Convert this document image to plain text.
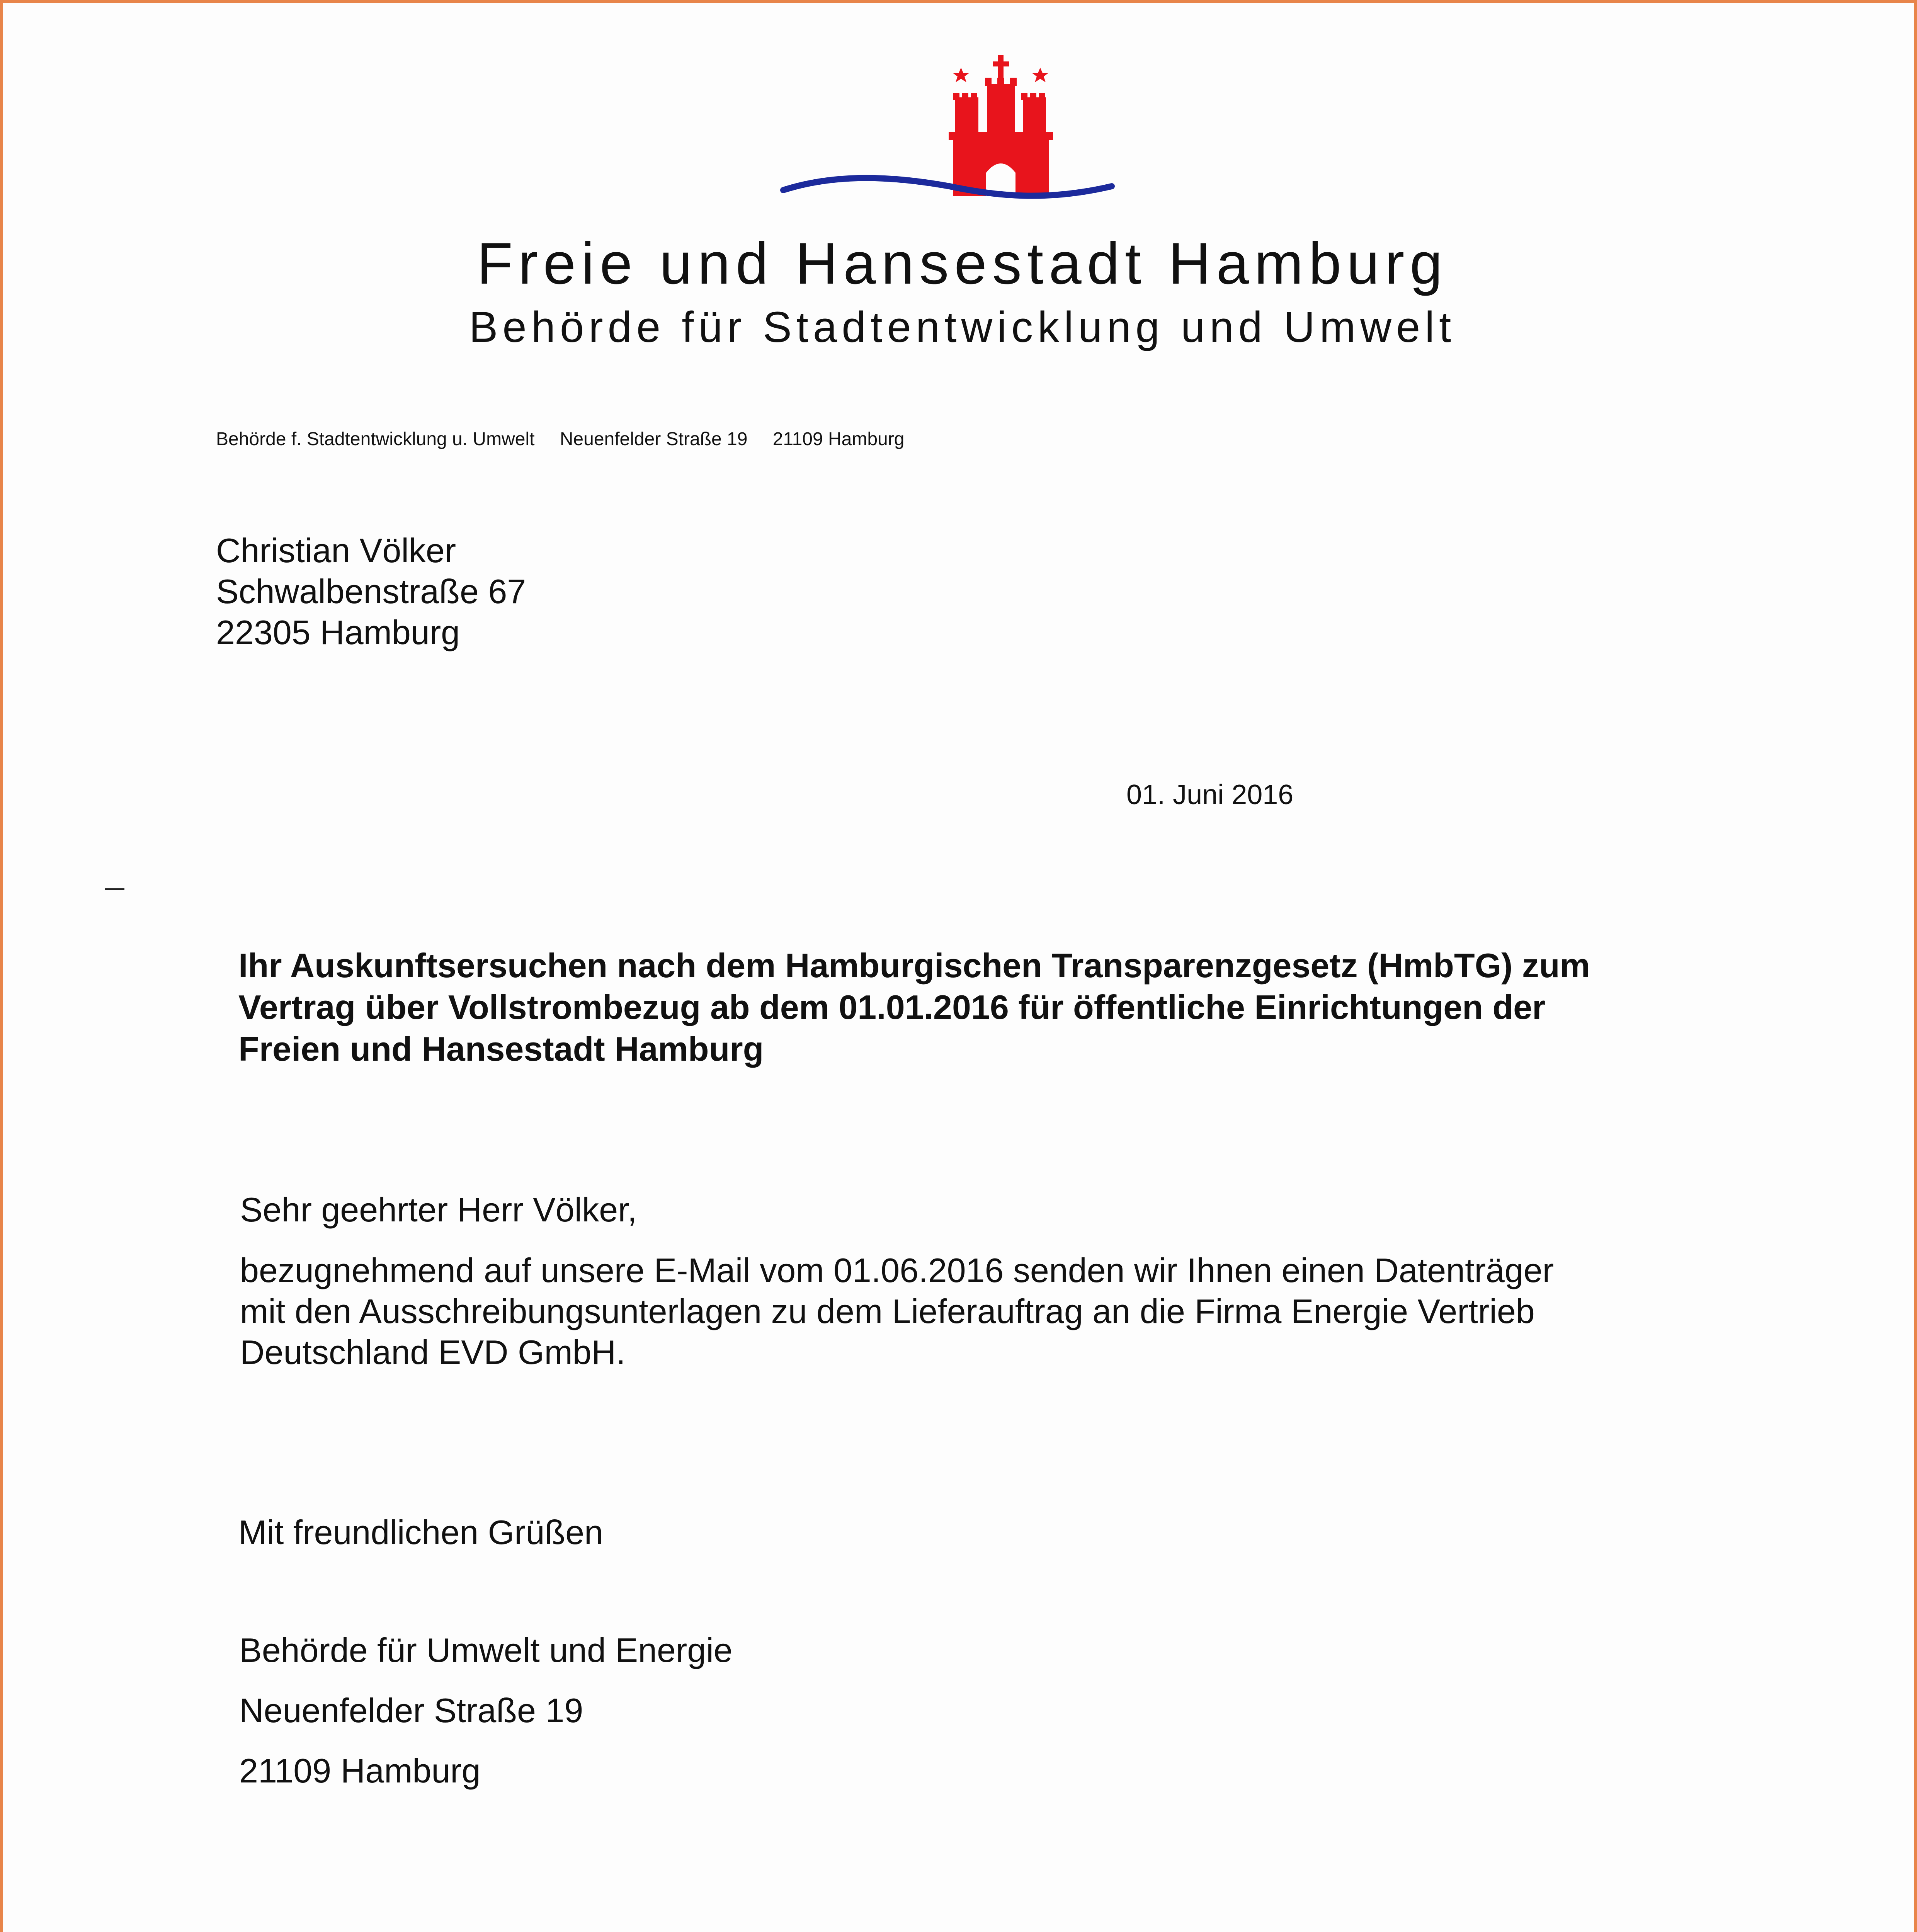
Freie und Hansestadt Hamburg
Behörde für Stadtentwicklung und Umwelt
Behörde f. Stadtentwicklung u. Umwelt Neuenfelder Straße 19 21109 Hamburg
Christian Völker
Schwalbenstraße 67
22305 Hamburg
01. Juni 2016
Ihr Auskunftsersuchen nach dem Hamburgischen Transparenzgesetz (HmbTG) zum
Vertrag über Vollstrombezug ab dem 01.01.2016 für öffentliche Einrichtungen der
Freien und Hansestadt Hamburg
Sehr geehrter Herr Völker,
bezugnehmend auf unsere E-Mail vom 01.06.2016 senden wir Ihnen einen Datenträger
mit den Ausschreibungsunterlagen zu dem Lieferauftrag an die Firma Energie Vertrieb
Deutschland EVD GmbH.
Mit freundlichen Grüßen
Behörde für Umwelt und Energie
Neuenfelder Straße 19
21109 Hamburg
